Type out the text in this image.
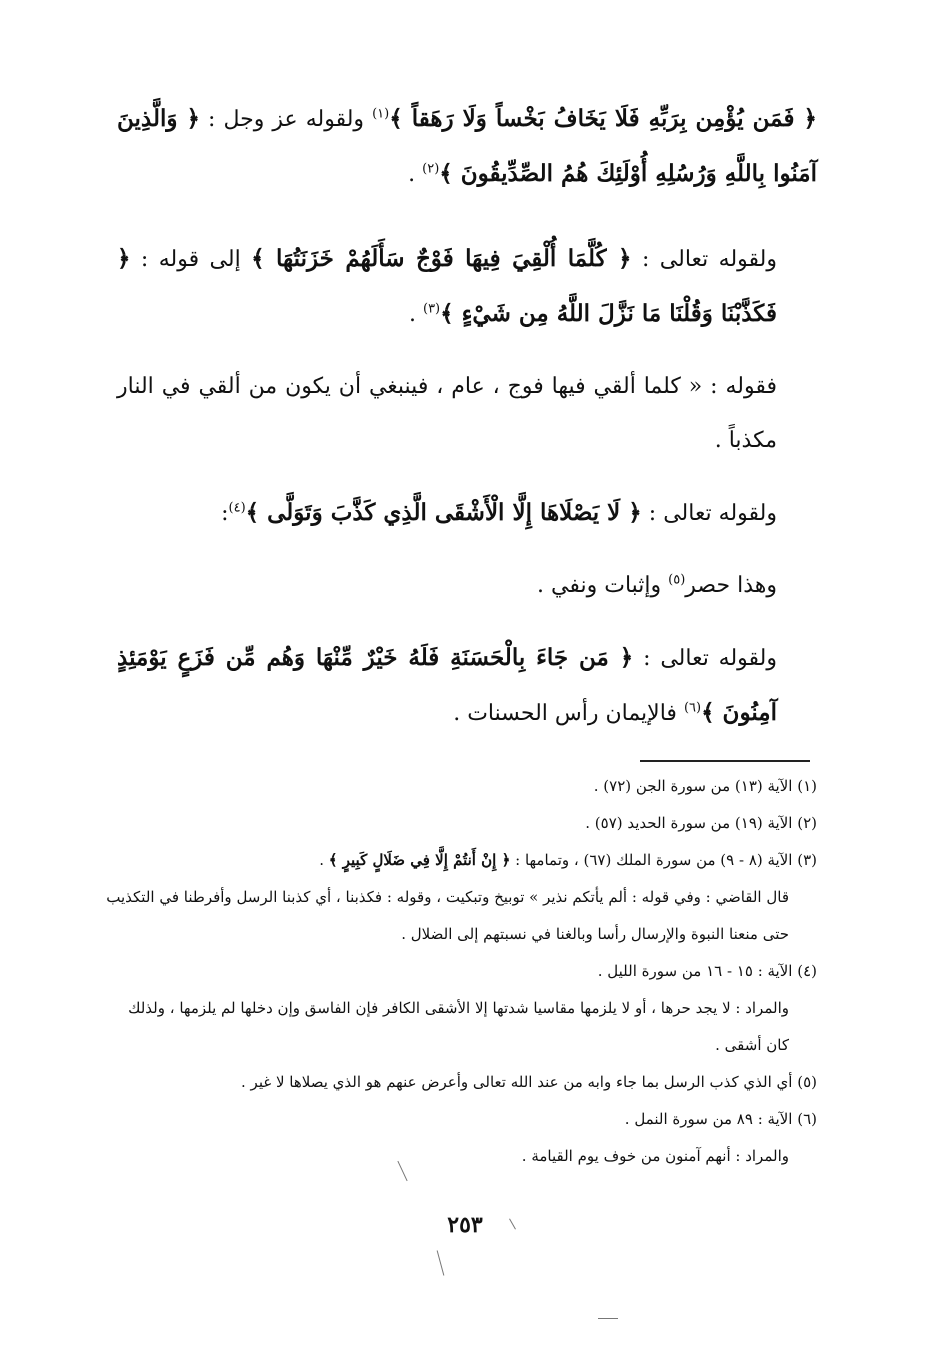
﴿ فَمَن يُؤْمِن بِرَبِّهِ فَلَا يَخَافُ بَخْساً وَلَا رَهَقاً ﴾$^{(١)}$ ولقوله عز وجل : ﴿ وَالَّذِينَ آمَنُوا بِاللَّهِ وَرُسُلِهِ أُوْلَئِكَ هُمُ الصِّدِّيقُونَ ﴾$^{(٢)}$ .

ولقوله تعالى : ﴿ كُلَّمَا أُلْقِيَ فِيهَا فَوْجٌ سَأَلَهُمْ خَزَنَتُهَا ﴾ إلى قوله : ﴿ فَكَذَّبْنَا وَقُلْنَا مَا نَزَّلَ اللَّهُ مِن شَيْءٍ ﴾$^{(٣)}$ .

فقوله : « كلما ألقي فيها فوج ، عام ، فينبغي أن يكون من ألقي في النار مكذباً .

ولقوله تعالى : ﴿ لَا يَصْلَاهَا إِلَّا الْأَشْقَى الَّذِي كَذَّبَ وَتَوَلَّى ﴾$^{(٤)}$:

وهذا حصر$^{(٥)}$ وإثبات ونفي .

ولقوله تعالى : ﴿ مَن جَاءَ بِالْحَسَنَةِ فَلَهُ خَيْرٌ مِّنْهَا وَهُم مِّن فَزَعٍ يَوْمَئِذٍ آمِنُونَ ﴾$^{(٦)}$ فالإيمان رأس الحسنات .

(١) الآية (١٣) من سورة الجن (٧٢) .

(٢) الآية (١٩) من سورة الحديد (٥٧) .

(٣) الآية (٨ - ٩) من سورة الملك (٦٧) ، وتمامها : ﴿ إِنْ أَنتُمْ إِلَّا فِي ضَلَالٍ كَبِيرٍ ﴾ .

قال القاضي : وفي قوله : ألم يأتكم نذير » توبيخ وتبكيت ، وقوله : فكذبنا ، أي كذبنا الرسل وأفرطنا في التكذيب حتى منعنا النبوة والإرسال رأسا وبالغنا في نسبتهم إلى الضلال .

(٤) الآية : ١٥ - ١٦ من سورة الليل .

والمراد : لا يجد حرها ، أو لا يلزمها مقاسيا شدتها إلا الأشقى الكافر فإن الفاسق وإن دخلها لم يلزمها ، ولذلك كان أشقى .

(٥) أي الذي كذب الرسل بما جاء وابه من عند الله تعالى وأعرض عنهم هو الذي يصلاها لا غير .

(٦) الآية : ٨٩ من سورة النمل .

والمراد : أنهم آمنون من خوف يوم القيامة .

٢٥٣
